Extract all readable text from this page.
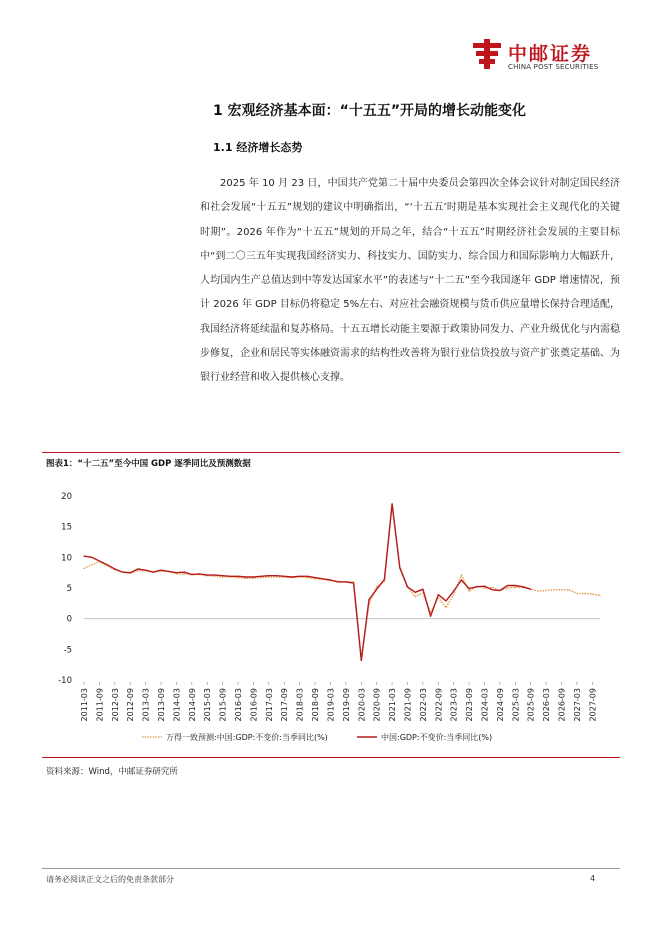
中邮证券
CHINA POST SECURITIES
1 宏观经济基本面：“十五五”开局的增长动能变化
1.1 经济增长态势

2025 年 10 月 23 日，中国共产党第二十届中央委员会第四次全体会议针对制定国民经济和社会发展“十五五”规划的建议中明确指出，“‘十五五’时期是基本实现社会主义现代化的关键时期”。2026 年作为“十五五”规划的开局之年，结合“十五五”时期经济社会发展的主要目标中“到二〇三五年实现我国经济实力、科技实力、国防实力、综合国力和国际影响力大幅跃升，人均国内生产总值达到中等发达国家水平”的表述与“十二五”至今我国逐年 GDP 增速情况，预计 2026 年 GDP 目标仍将稳定 5%左右、对应社会融资规模与货币供应量增长保持合理适配，我国经济将延续温和复苏格局。十五五增长动能主要源于政策协同发力、产业升级优化与内需稳步修复，企业和居民等实体融资需求的结构性改善将为银行业信贷投放与资产扩张奠定基础、为银行业经营和收入提供核心支撑。

图表1：“十二五”至今中国 GDP 逐季同比及预测数据
20
15
10
5
0
-5
-10
2011-03 2011-09 2012-03 2012-09 2013-03 2013-09 2014-03 2014-09 2015-03 2015-09 2016-03 2016-09 2017-03 2017-09 2018-03 2018-09 2019-03 2019-09 2020-03 2020-09 2021-03 2021-09 2022-03 2022-09 2023-03 2023-09 2024-03 2024-09 2025-03 2025-09 2026-03 2026-09 2027-03 2027-09
万得一致预测:中国:GDP:不变价:当季同比(%)	中国:GDP:不变价:当季同比(%)
资料来源：Wind，中邮证券研究所
请务必阅读正文之后的免责条款部分	4
